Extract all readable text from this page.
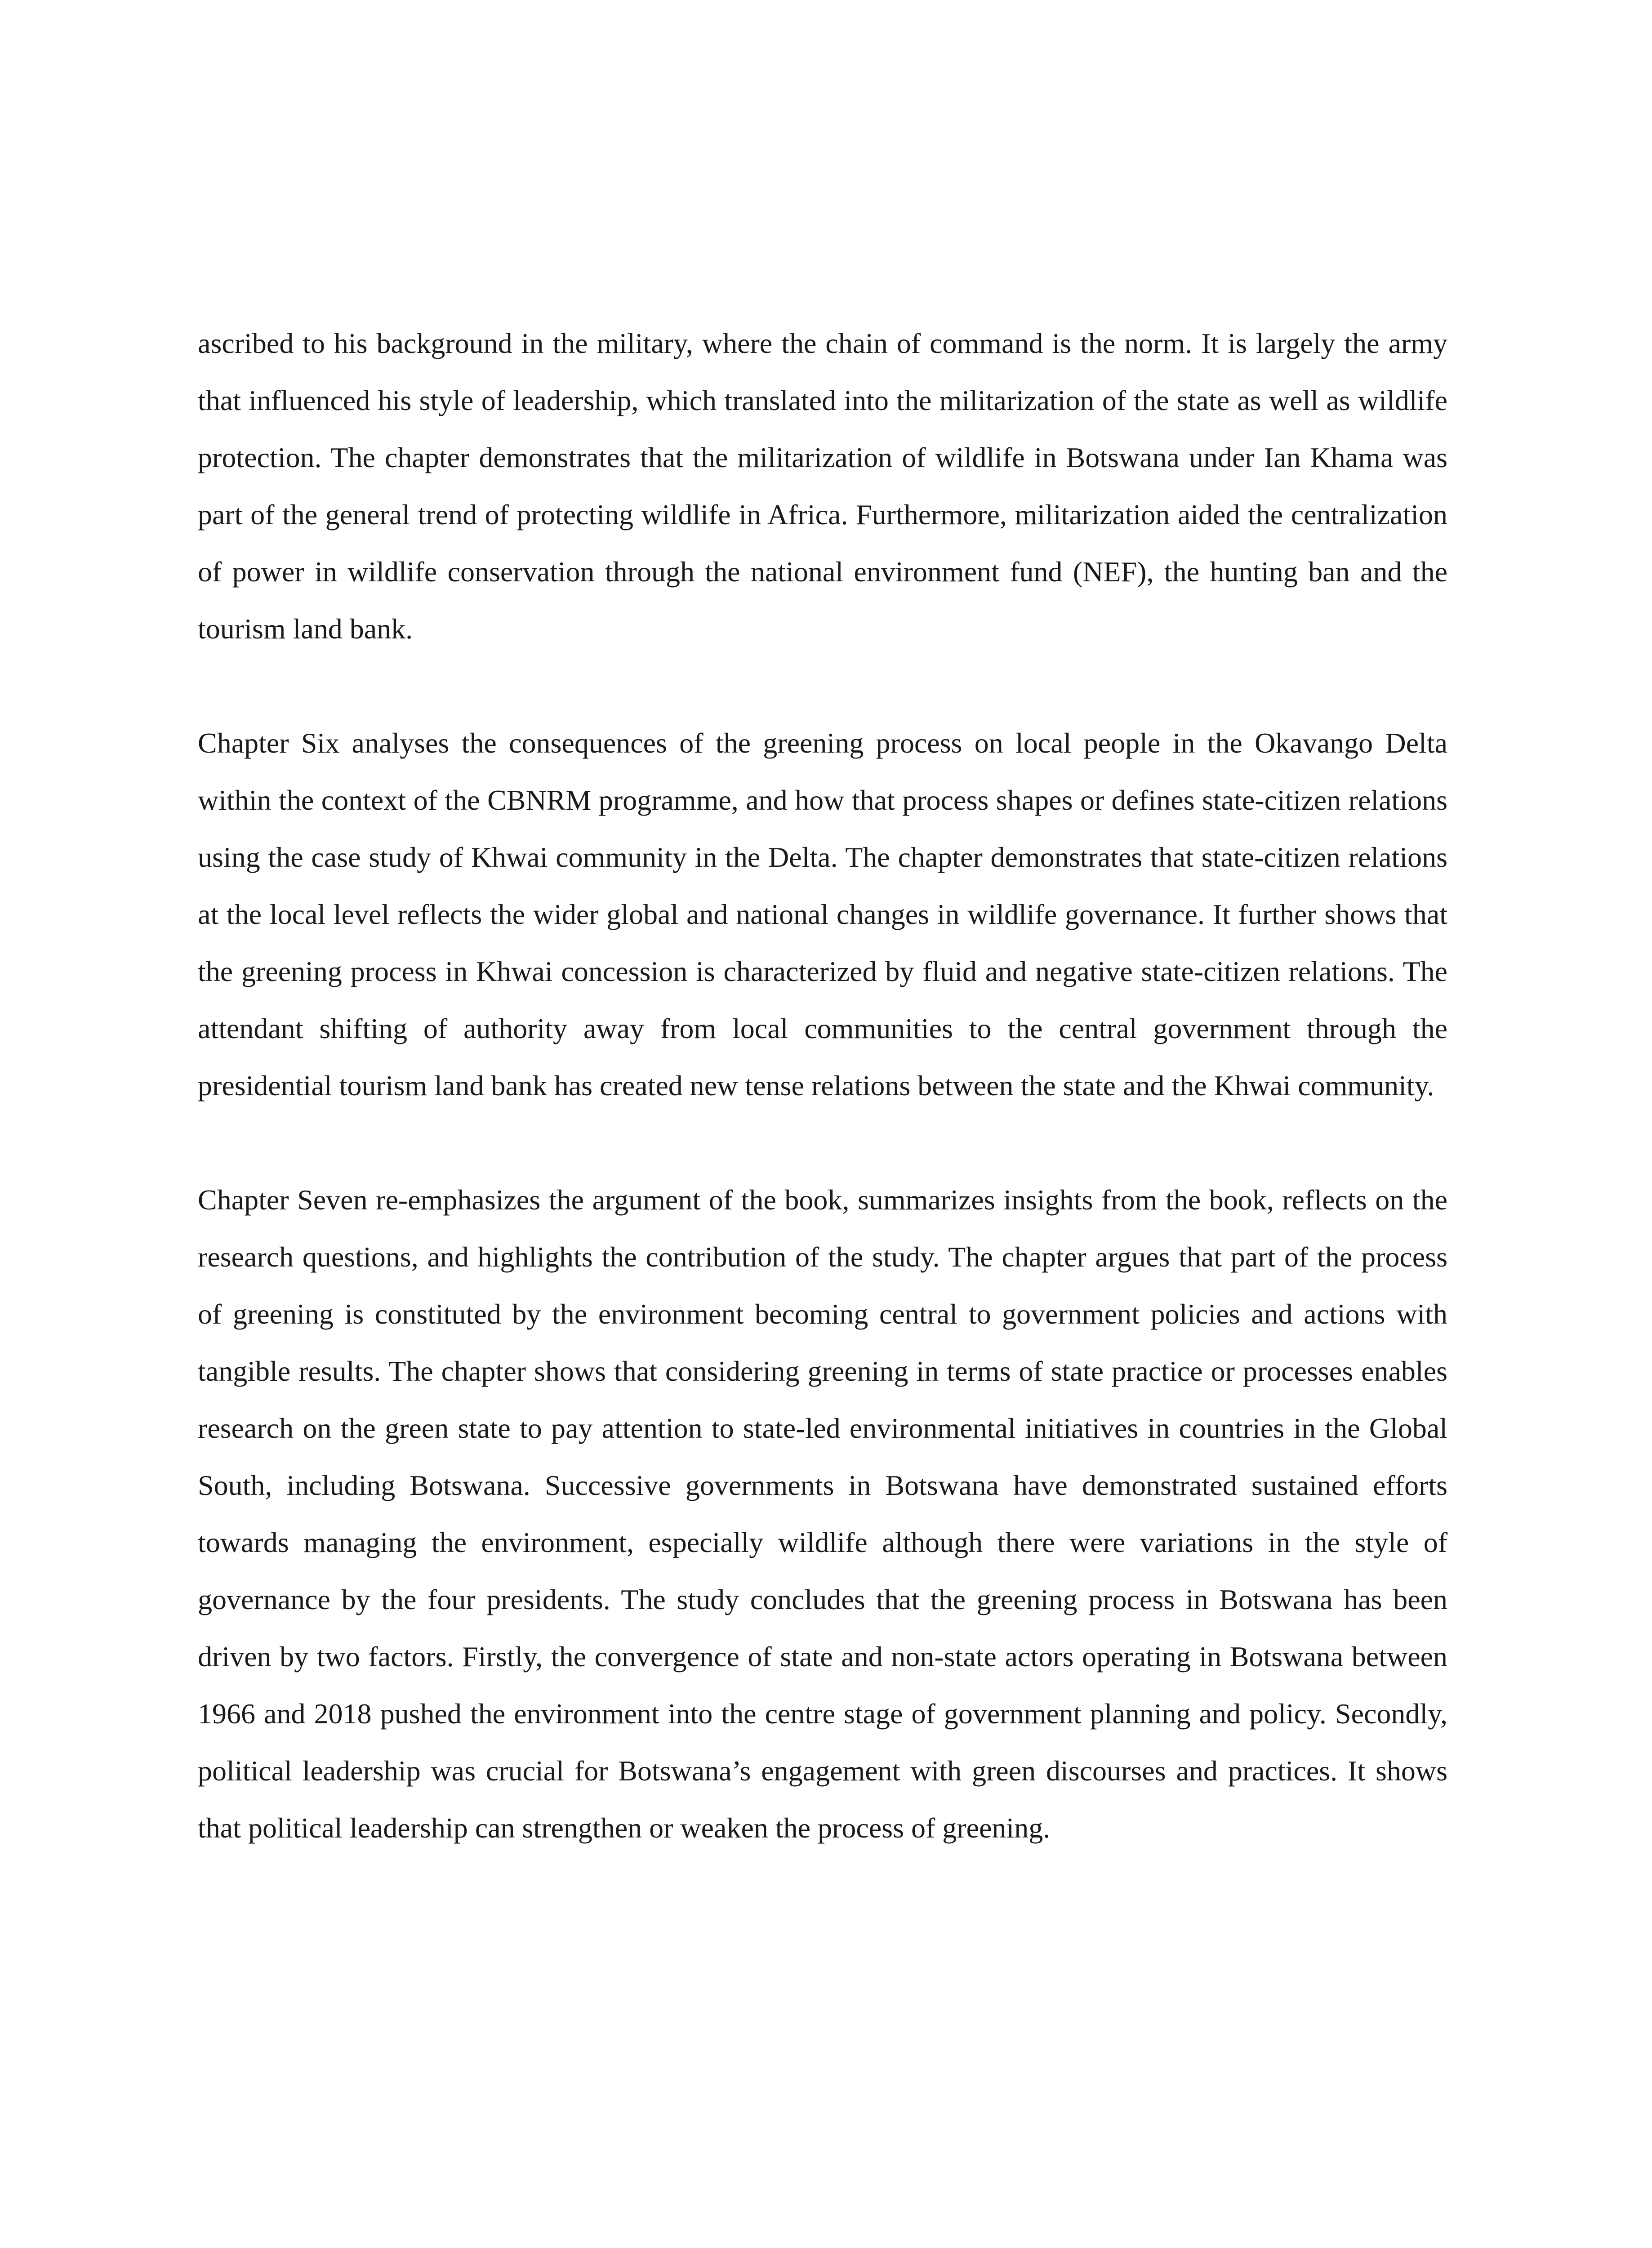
ascribed to his background in the military, where the chain of command is the norm. It is largely the army that influenced his style of leadership, which translated into the militarization of the state as well as wildlife protection. The chapter demonstrates that the militarization of wildlife in Botswana under Ian Khama was part of the general trend of protecting wildlife in Africa. Furthermore, militarization aided the centralization of power in wildlife conservation through the national environment fund (NEF), the hunting ban and the tourism land bank.

Chapter Six analyses the consequences of the greening process on local people in the Okavango Delta within the context of the CBNRM programme, and how that process shapes or defines state-citizen relations using the case study of Khwai community in the Delta. The chapter demonstrates that state-citizen relations at the local level reflects the wider global and national changes in wildlife governance. It further shows that the greening process in Khwai concession is characterized by fluid and negative state-citizen relations. The attendant shifting of authority away from local communities to the central government through the presidential tourism land bank has created new tense relations between the state and the Khwai community.

Chapter Seven re-emphasizes the argument of the book, summarizes insights from the book, reflects on the research questions, and highlights the contribution of the study. The chapter argues that part of the process of greening is constituted by the environment becoming central to government policies and actions with tangible results. The chapter shows that considering greening in terms of state practice or processes enables research on the green state to pay attention to state-led environmental initiatives in countries in the Global South, including Botswana. Successive governments in Botswana have demonstrated sustained efforts towards managing the environment, especially wildlife although there were variations in the style of governance by the four presidents. The study concludes that the greening process in Botswana has been driven by two factors. Firstly, the convergence of state and non-state actors operating in Botswana between 1966 and 2018 pushed the environment into the centre stage of government planning and policy. Secondly, political leadership was crucial for Botswana’s engagement with green discourses and practices. It shows that political leadership can strengthen or weaken the process of greening.
